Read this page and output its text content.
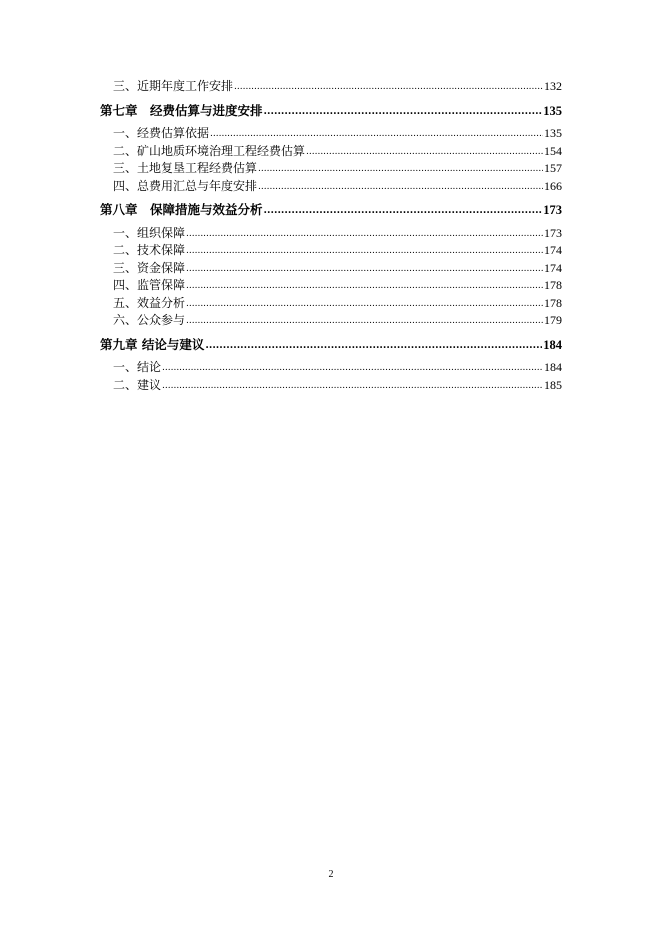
三、近期年度工作安排 .....	132
第七章　经费估算与进度安排 .....	135
一、经费估算依据 .....	135
二、矿山地质环境治理工程经费估算 .....	154
三、土地复垦工程经费估算 .....	157
四、总费用汇总与年度安排 .....	166
第八章　保障措施与效益分析 .....	173
一、组织保障 .....	173
二、技术保障 .....	174
三、资金保障 .....	174
四、监管保障 .....	178
五、效益分析 .....	178
六、公众参与 .....	179
第九章 结论与建议 .....	184
一、结论 .....	184
二、建议 .....	185
2
